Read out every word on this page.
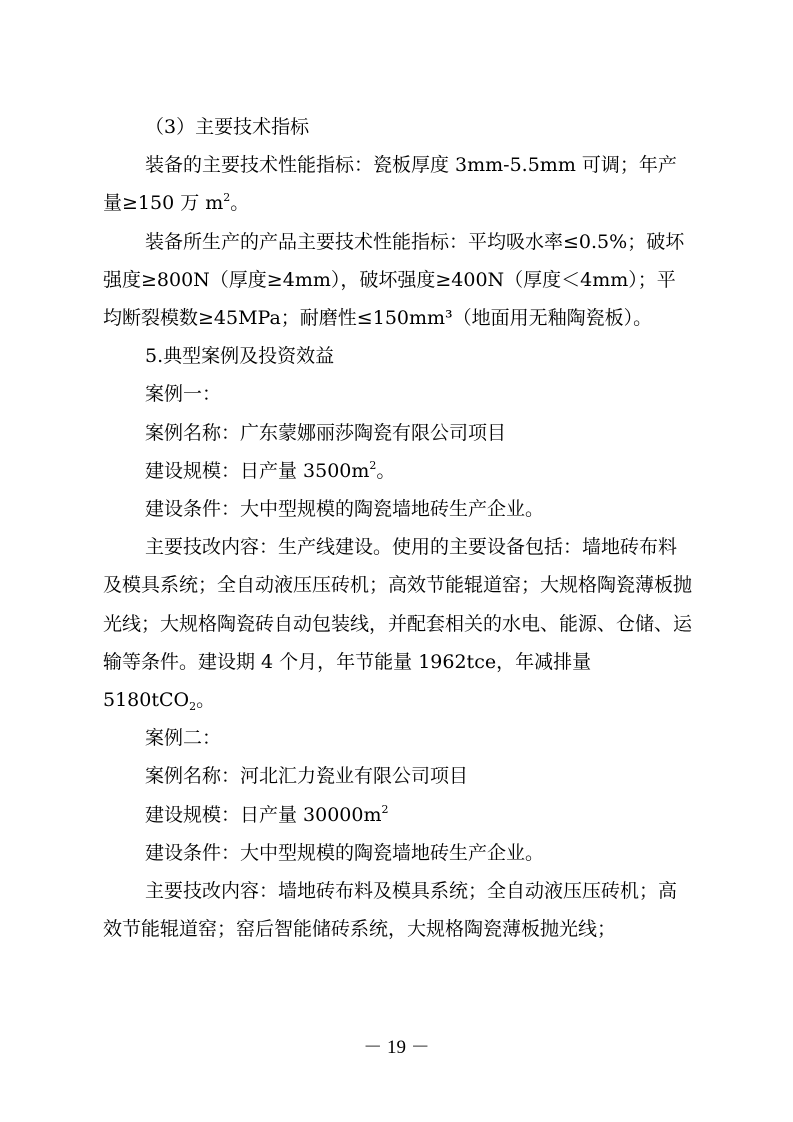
（3）主要技术指标

装备的主要技术性能指标：瓷板厚度 3mm-5.5mm 可调；年产量≥150 万 $m^2$。

装备所生产的产品主要技术性能指标：平均吸水率≤0.5%；破坏强度≥800N（厚度≥4mm），破坏强度≥400N（厚度＜4mm）；平均断裂模数≥45MPa；耐磨性≤150mm³（地面用无釉陶瓷板）。

5.典型案例及投资效益

案例一：

案例名称：广东蒙娜丽莎陶瓷有限公司项目

建设规模：日产量 $3500m^2$。

建设条件：大中型规模的陶瓷墙地砖生产企业。

主要技改内容：生产线建设。使用的主要设备包括：墙地砖布料及模具系统；全自动液压压砖机；高效节能辊道窑；大规格陶瓷薄板抛光线；大规格陶瓷砖自动包装线，并配套相关的水电、能源、仓储、运输等条件。建设期 4 个月，年节能量 1962tce，年减排量 5180tCO$_2$。

案例二：

案例名称：河北汇力瓷业有限公司项目

建设规模：日产量 $30000m^2$

建设条件：大中型规模的陶瓷墙地砖生产企业。

主要技改内容：墙地砖布料及模具系统；全自动液压压砖机；高效节能辊道窑；窑后智能储砖系统，大规格陶瓷薄板抛光线；

－ 19 －
